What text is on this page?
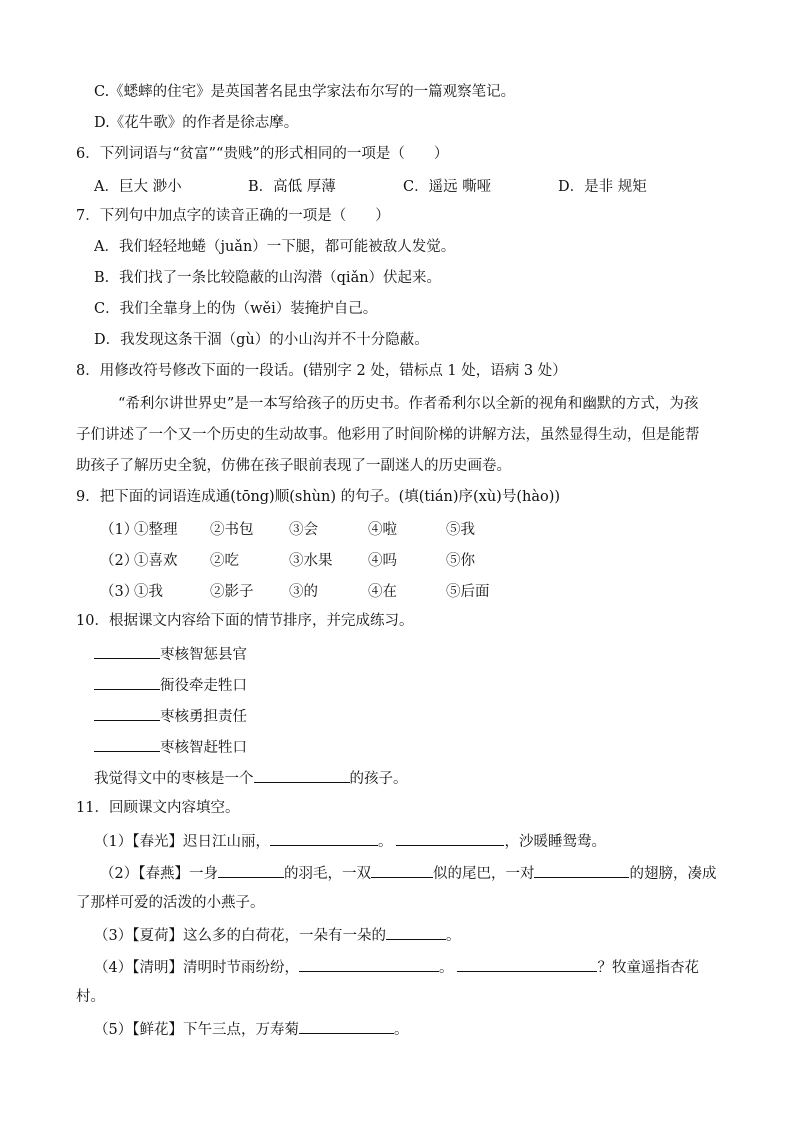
C.《蟋蟀的住宅》是英国著名昆虫学家法布尔写的一篇观察笔记。
D.《花牛歌》的作者是徐志摩。
6．下列词语与“贫富”“贵贱”的形式相同的一项是（　　）
A．巨大 渺小	B．高低 厚薄	C．遥远 嘶哑	D．是非 规矩
7．下列句中加点字的读音正确的一项是（　　）
A．我们轻轻地蜷（juǎn）一下腿，都可能被敌人发觉。
B．我们找了一条比较隐蔽的山沟潜（qiǎn）伏起来。
C．我们全靠身上的伪（wěi）装掩护自己。
D．我发现这条干涸（gù）的小山沟并不十分隐蔽。
8．用修改符号修改下面的一段话。(错别字 2 处，错标点 1 处，语病 3 处）
“希利尔讲世界史”是一本写给孩子的历史书。作者希利尔以全新的视角和幽默的方式，为孩
子们讲述了一个又一个历史的生动故事。他彩用了时间阶梯的讲解方法，虽然显得生动，但是能帮
助孩子了解历史全貌，仿佛在孩子眼前表现了一副迷人的历史画卷。
9．把下面的词语连成通(tōng)顺(shùn) 的句子。(填(tián)序(xù)号(hào))
（1）
①整理 ②书包 ③会	④啦	⑤我
（2）
①喜欢 ②吃	③水果 ④吗	⑤你
（3）
①我	②影子 ③的	④在	⑤后面
10．根据课文内容给下面的情节排序，并完成练习。
枣核智惩县官
衙役牵走牲口
枣核勇担责任
枣核智赶牲口
我觉得文中的枣核是一个	的孩子。
11．回顾课文内容填空。
（1）【春光】迟日江山丽，	。	，沙暖睡鸳鸯。
（2）【春燕】一身	的羽毛，一双	似的尾巴，一对	的翅膀，凑成
了那样可爱的活泼的小燕子。
（3）【夏荷】这么多的白荷花，一朵有一朵的	。
（4）【清明】清明时节雨纷纷，	。	？牧童遥指杏花
村。
（5）【鲜花】下午三点，万寿菊	。
